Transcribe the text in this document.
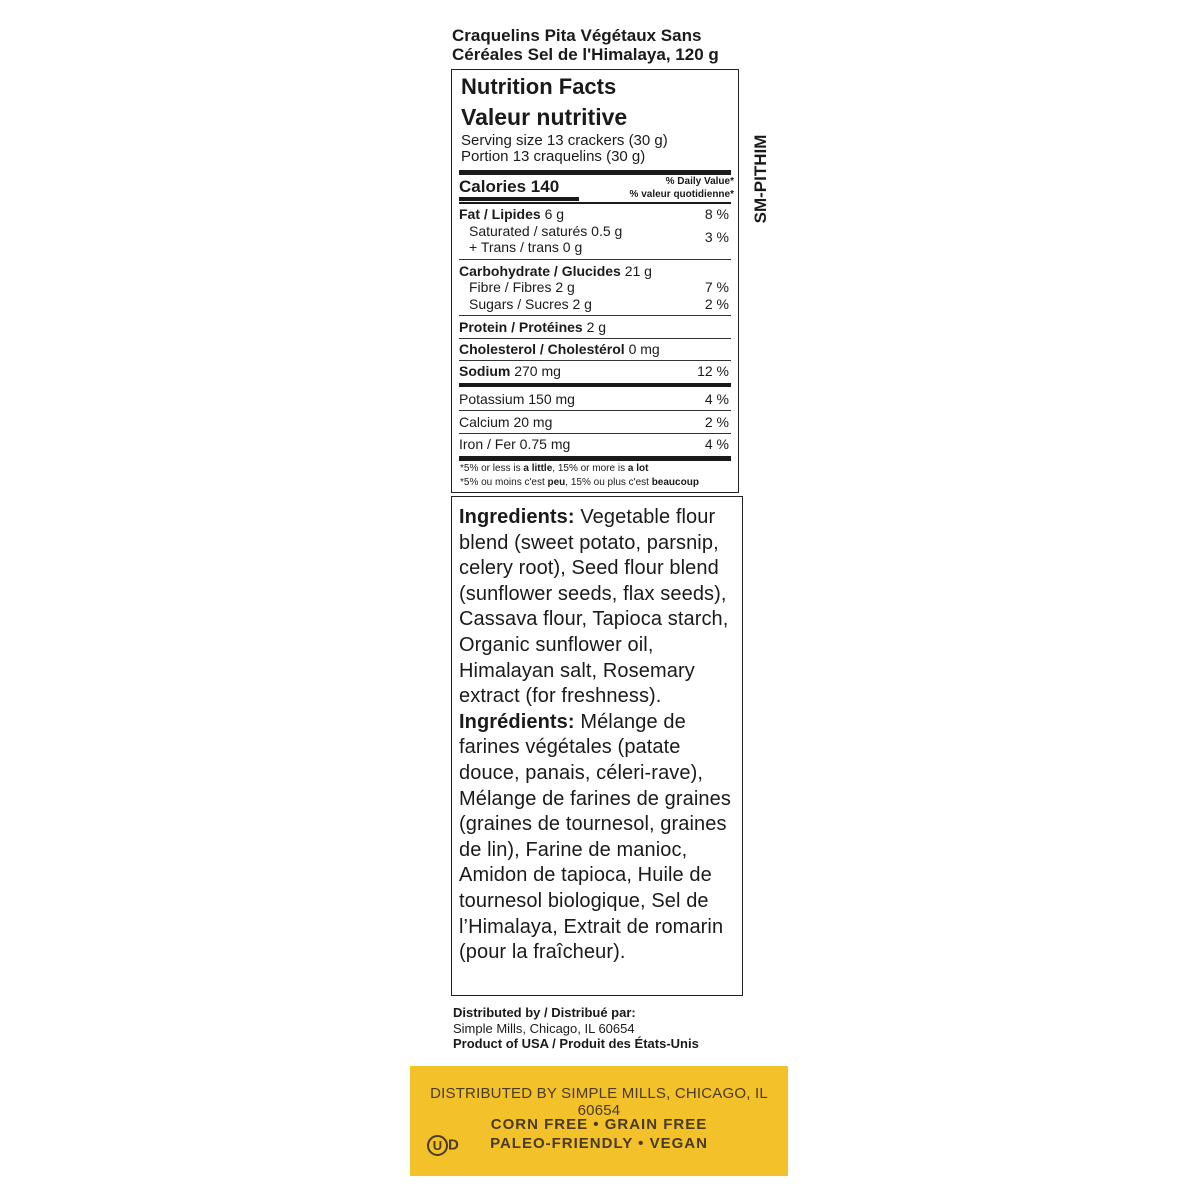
Craquelins Pita Végétaux Sans
Céréales Sel de l'Himalaya, 120 g
Nutrition Facts
Valeur nutritive
Serving size 13 crackers (30 g)
Portion 13 craquelins (30 g)
Calories 140	% Daily Value*
% valeur quotidienne*
Fat / Lipides 6 g	8 %
Saturated / saturés 0.5 g	3 %
+ Trans / trans 0 g
Carbohydrate / Glucides 21 g
Fibre / Fibres 2 g	7 %
Sugars / Sucres 2 g	2 %
Protein / Protéines 2 g
Cholesterol / Cholestérol 0 mg
Sodium 270 mg	12 %
Potassium 150 mg	4 %
Calcium 20 mg	2 %
Iron / Fer 0.75 mg	4 %
*5% or less is a little, 15% or more is a lot
*5% ou moins c'est peu, 15% ou plus c'est beaucoup
SM-PITHIM
Ingredients: Vegetable flour blend (sweet potato, parsnip, celery root), Seed flour blend (sunflower seeds, flax seeds), Cassava flour, Tapioca starch, Organic sunflower oil, Himalayan salt, Rosemary extract (for freshness). Ingrédients: Mélange de farines végétales (patate douce, panais, céleri-rave), Mélange de farines de graines (graines de tournesol, graines de lin), Farine de manioc, Amidon de tapioca, Huile de tournesol biologique, Sel de l’Himalaya, Extrait de romarin (pour la fraîcheur).
Distributed by / Distribué par:
Simple Mills, Chicago, IL 60654
Product of USA / Produit des États-Unis
DISTRIBUTED BY SIMPLE MILLS, CHICAGO, IL 60654
CORN FREE • GRAIN FREE
PALEO-FRIENDLY • VEGAN
U D
